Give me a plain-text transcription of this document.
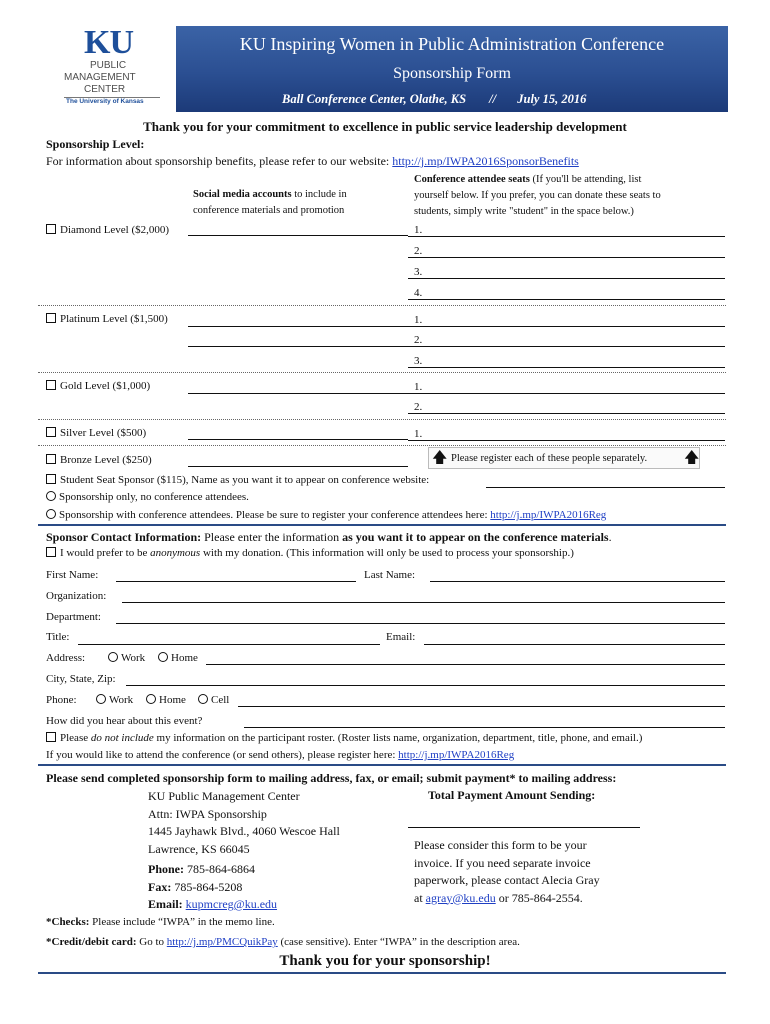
KU
PUBLIC
MANAGEMENT
CENTER
The University of Kansas
KU Inspiring Women in Public Administration Conference
Sponsorship Form
Ball Conference Center, Olathe, KS // July 15, 2016
Thank you for your commitment to excellence in public service leadership development
Sponsorship Level:
For information about sponsorship benefits, please refer to our website: http://j.mp/IWPA2016SponsorBenefits
Social media accounts to include in
conference materials and promotion
Conference attendee seats (If you'll be attending, list
yourself below. If you prefer, you can donate these seats to
students, simply write "student" in the space below.)
Diamond Level ($2,000)	1.
2.
3.
4.
Platinum Level ($1,500)	1.
2.
3.
Gold Level ($1,000)	1.
2.
Silver Level ($500)	1.
Bronze Level ($250)	🡅 Please register each of these people separately. 🡅
Student Seat Sponsor ($115), Name as you want it to appear on conference website:
Sponsorship only, no conference attendees.
Sponsorship with conference attendees. Please be sure to register your conference attendees here: http://j.mp/IWPA2016Reg
Sponsor Contact Information: Please enter the information as you want it to appear on the conference materials.
I would prefer to be anonymous with my donation. (This information will only be used to process your sponsorship.)
First Name:	Last Name:
Organization:
Department:
Title:	Email:
Address:	Work	Home
City, State, Zip:
Phone:	Work	Home	Cell
How did you hear about this event?
Please do not include my information on the participant roster. (Roster lists name, organization, department, title, phone, and email.)
If you would like to attend the conference (or send others), please register here: http://j.mp/IWPA2016Reg
Please send completed sponsorship form to mailing address, fax, or email; submit payment* to mailing address:
KU Public Management Center
Attn: IWPA Sponsorship
1445 Jayhawk Blvd., 4060 Wescoe Hall
Lawrence, KS 66045
Phone: 785-864-6864
Fax: 785-864-5208
Email: kupmcreg@ku.edu
Total Payment Amount Sending:
Please consider this form to be your
invoice. If you need separate invoice
paperwork, please contact Alecia Gray
at agray@ku.edu or 785-864-2554.
*Checks: Please include “IWPA” in the memo line.
*Credit/debit card: Go to http://j.mp/PMCQuikPay (case sensitive). Enter “IWPA” in the description area.
Thank you for your sponsorship!
